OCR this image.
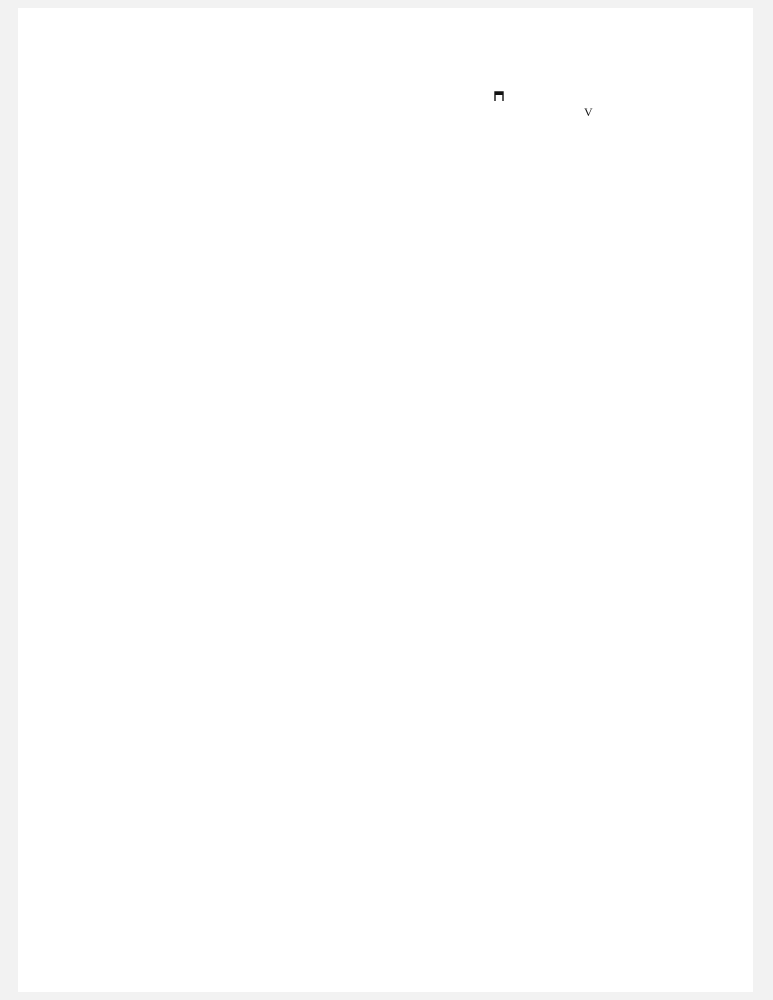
V
